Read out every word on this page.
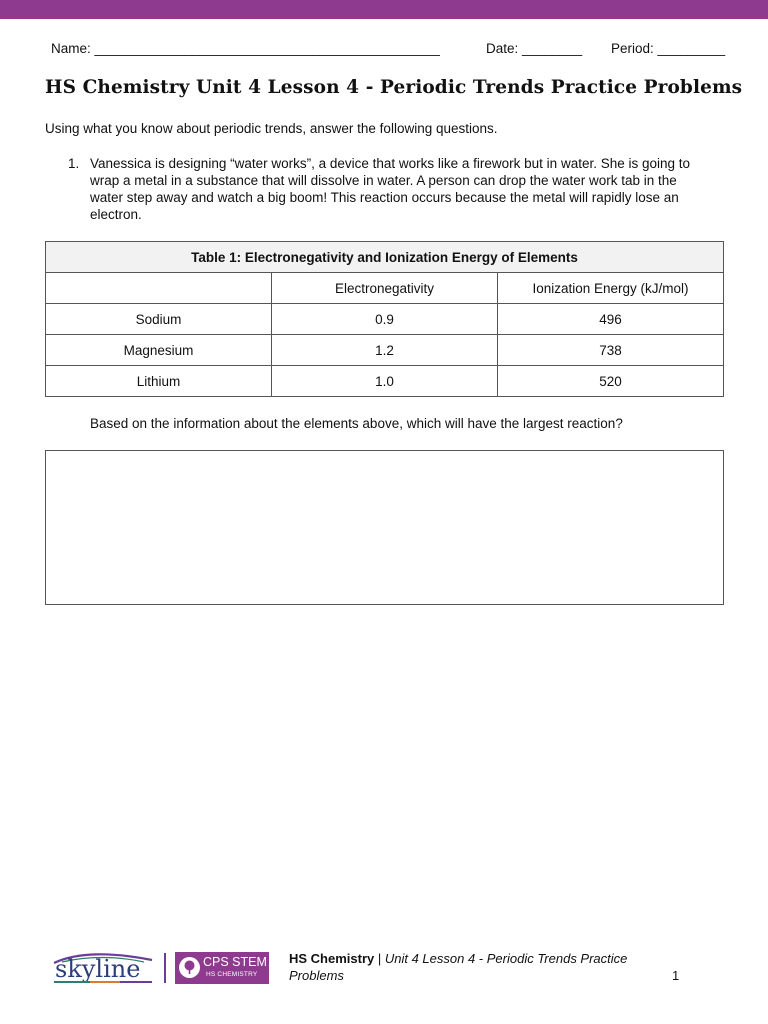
Name: ______________________________________________	Date: ________ Period: _________
HS Chemistry Unit 4 Lesson 4 - Periodic Trends Practice Problems
Using what you know about periodic trends, answer the following questions.
1. Vanessica is designing “water works”, a device that works like a firework but in water. She is going to wrap a metal in a substance that will dissolve in water. A person can drop the water work tab in the water step away and watch a big boom! This reaction occurs because the metal will rapidly lose an electron.
Table 1: Electronegativity and Ionization Energy of Elements		
	Electronegativity	Ionization Energy (kJ/mol)
Sodium	0.9	496
Magnesium	1.2	738
Lithium	1.0	520
Based on the information about the elements above, which will have the largest reaction?
skyline	CPS STEM
HS CHEMISTRY
HS Chemistry | Unit 4 Lesson 4 - Periodic Trends Practice Problems	1
